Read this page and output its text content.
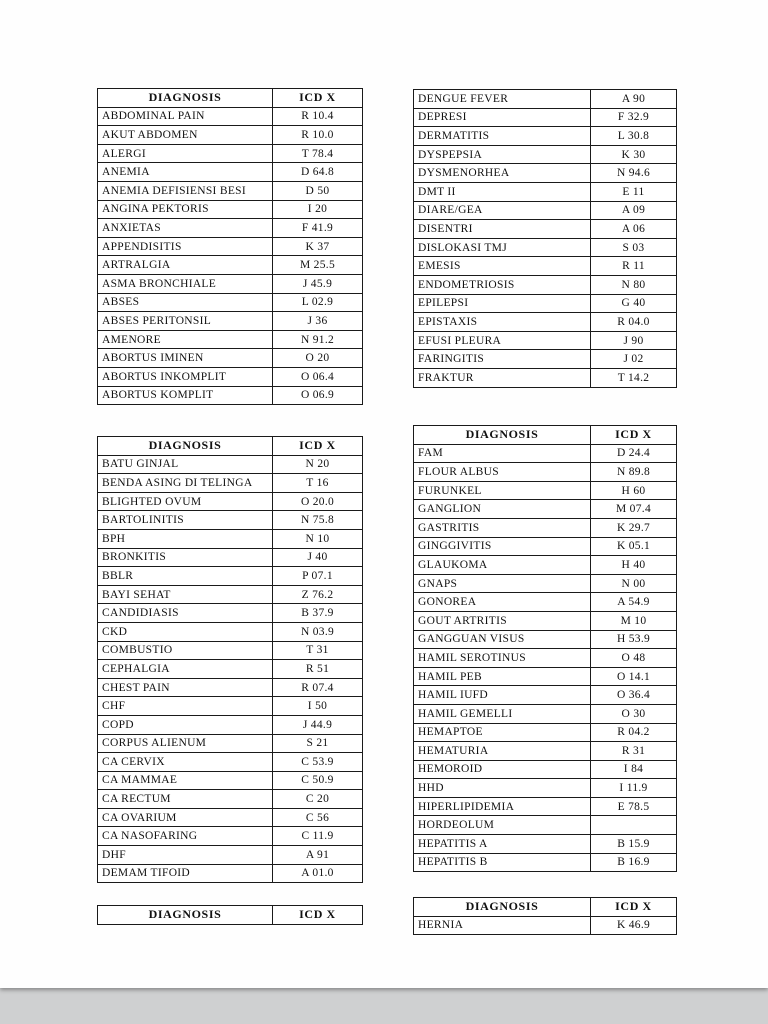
DIAGNOSIS	ICD X
ABDOMINAL PAIN	R 10.4
AKUT ABDOMEN	R 10.0
ALERGI	T 78.4
ANEMIA	D 64.8
ANEMIA DEFISIENSI BESI	D 50
ANGINA PEKTORIS	I 20
ANXIETAS	F 41.9
APPENDISITIS	K 37
ARTRALGIA	M 25.5
ASMA BRONCHIALE	J 45.9
ABSES	L 02.9
ABSES PERITONSIL	J 36
AMENORE	N 91.2
ABORTUS IMINEN	O 20
ABORTUS INKOMPLIT	O 06.4
ABORTUS KOMPLIT	O 06.9
DIAGNOSIS	ICD X
BATU GINJAL	N 20
BENDA ASING DI TELINGA	T 16
BLIGHTED OVUM	O 20.0
BARTOLINITIS	N 75.8
BPH	N 10
BRONKITIS	J 40
BBLR	P 07.1
BAYI SEHAT	Z 76.2
CANDIDIASIS	B 37.9
CKD	N 03.9
COMBUSTIO	T 31
CEPHALGIA	R 51
CHEST PAIN	R 07.4
CHF	I 50
COPD	J 44.9
CORPUS ALIENUM	S 21
CA CERVIX	C 53.9
CA MAMMAE	C 50.9
CA RECTUM	C 20
CA OVARIUM	C 56
CA NASOFARING	C 11.9
DHF	A 91
DEMAM TIFOID	A 01.0
DIAGNOSIS	ICD X
DENGUE FEVER	A 90
DEPRESI	F 32.9
DERMATITIS	L 30.8
DYSPEPSIA	K 30
DYSMENORHEA	N 94.6
DMT II	E 11
DIARE/GEA	A 09
DISENTRI	A 06
DISLOKASI TMJ	S 03
EMESIS	R 11
ENDOMETRIOSIS	N 80
EPILEPSI	G 40
EPISTAXIS	R 04.0
EFUSI PLEURA	J 90
FARINGITIS	J 02
FRAKTUR	T 14.2
DIAGNOSIS	ICD X
FAM	D 24.4
FLOUR ALBUS	N 89.8
FURUNKEL	H 60
GANGLION	M 07.4
GASTRITIS	K 29.7
GINGGIVITIS	K 05.1
GLAUKOMA	H 40
GNAPS	N 00
GONOREA	A 54.9
GOUT ARTRITIS	M 10
GANGGUAN VISUS	H 53.9
HAMIL SEROTINUS	O 48
HAMIL PEB	O 14.1
HAMIL IUFD	O 36.4
HAMIL GEMELLI	O 30
HEMAPTOE	R 04.2
HEMATURIA	R 31
HEMOROID	I 84
HHD	I 11.9
HIPERLIPIDEMIA	E 78.5
HORDEOLUM	
HEPATITIS A	B 15.9
HEPATITIS B	B 16.9
DIAGNOSIS	ICD X
HERNIA	K 46.9
